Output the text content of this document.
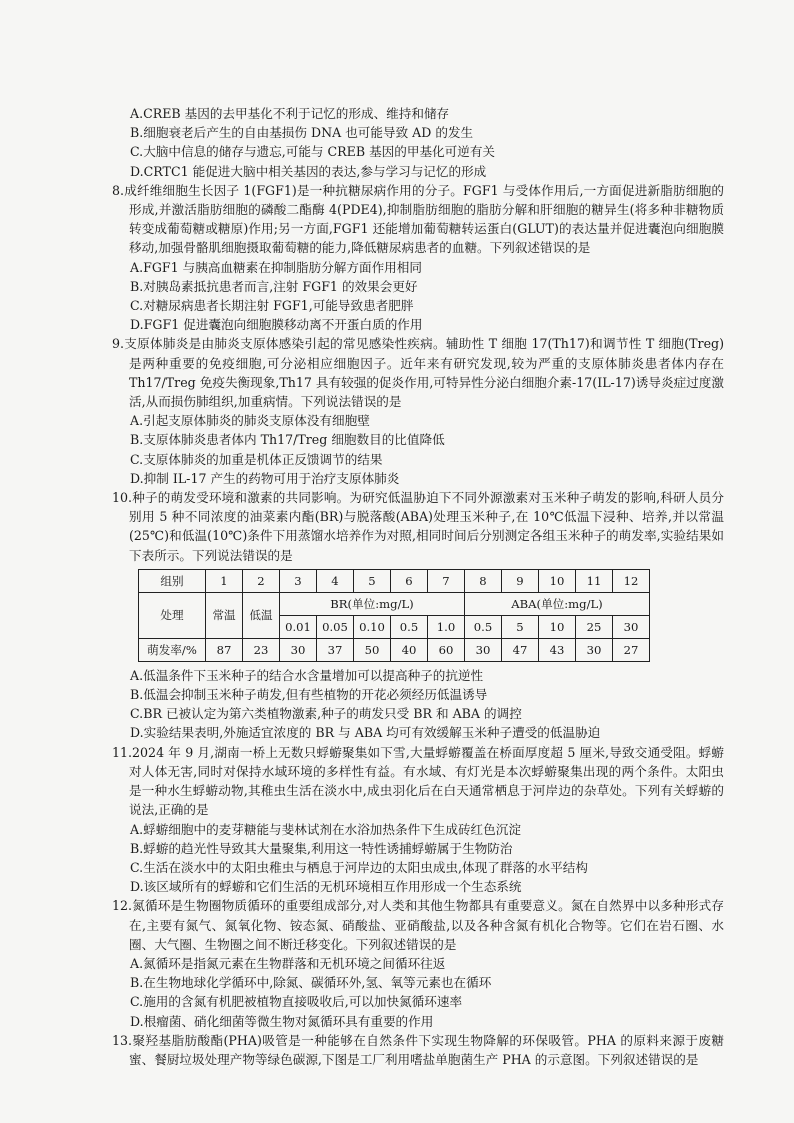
A.CREB 基因的去甲基化不利于记忆的形成、维持和储存

B.细胞衰老后产生的自由基损伤 DNA 也可能导致 AD 的发生

C.大脑中信息的储存与遗忘,可能与 CREB 基因的甲基化可逆有关

D.CRTC1 能促进大脑中相关基因的表达,参与学习与记忆的形成

8.成纤维细胞生长因子 1(FGF1)是一种抗糖尿病作用的分子。FGF1 与受体作用后,一方面促进新脂肪细胞的形成,并激活脂肪细胞的磷酸二酯酶 4(PDE4),抑制脂肪细胞的脂肪分解和肝细胞的糖异生(将多种非糖物质转变成葡萄糖或糖原)作用;另一方面,FGF1 还能增加葡萄糖转运蛋白(GLUT)的表达量并促进囊泡向细胞膜移动,加强骨骼肌细胞摄取葡萄糖的能力,降低糖尿病患者的血糖。下列叙述错误的是

A.FGF1 与胰高血糖素在抑制脂肪分解方面作用相同

B.对胰岛素抵抗患者而言,注射 FGF1 的效果会更好

C.对糖尿病患者长期注射 FGF1,可能导致患者肥胖

D.FGF1 促进囊泡向细胞膜移动离不开蛋白质的作用

9.支原体肺炎是由肺炎支原体感染引起的常见感染性疾病。辅助性 T 细胞 17(Th17)和调节性 T 细胞(Treg)是两种重要的免疫细胞,可分泌相应细胞因子。近年来有研究发现,较为严重的支原体肺炎患者体内存在 Th17/Treg 免疫失衡现象,Th17 具有较强的促炎作用,可特异性分泌白细胞介素-17(IL-17)诱导炎症过度激活,从而损伤肺组织,加重病情。下列说法错误的是

A.引起支原体肺炎的肺炎支原体没有细胞壁

B.支原体肺炎患者体内 Th17/Treg 细胞数目的比值降低

C.支原体肺炎的加重是机体正反馈调节的结果

D.抑制 IL-17 产生的药物可用于治疗支原体肺炎

10.种子的萌发受环境和激素的共同影响。为研究低温胁迫下不同外源激素对玉米种子萌发的影响,科研人员分别用 5 种不同浓度的油菜素内酯(BR)与脱落酸(ABA)处理玉米种子,在 10℃低温下浸种、培养,并以常温(25℃)和低温(10℃)条件下用蒸馏水培养作为对照,相同时间后分别测定各组玉米种子的萌发率,实验结果如下表所示。下列说法错误的是

组别	1	2	3	4	5	6	7	8	9	10	11	12
处理	常温	低温	BR(单位:mg/L)					ABA(单位:mg/L)				
			0.01	0.05	0.10	0.5	1.0	0.5	5	10	25	30
萌发率/%	87	23	30	37	50	40	60	30	47	43	30	27

A.低温条件下玉米种子的结合水含量增加可以提高种子的抗逆性

B.低温会抑制玉米种子萌发,但有些植物的开花必须经历低温诱导

C.BR 已被认定为第六类植物激素,种子的萌发只受 BR 和 ABA 的调控

D.实验结果表明,外施适宜浓度的 BR 与 ABA 均可有效缓解玉米种子遭受的低温胁迫

11.2024 年 9 月,湖南一桥上无数只蜉蝣聚集如下雪,大量蜉蝣覆盖在桥面厚度超 5 厘米,导致交通受阻。蜉蝣对人体无害,同时对保持水域环境的多样性有益。有水域、有灯光是本次蜉蝣聚集出现的两个条件。太阳虫是一种水生蜉蝣动物,其稚虫生活在淡水中,成虫羽化后在白天通常栖息于河岸边的杂草处。下列有关蜉蝣的说法,正确的是

A.蜉蝣细胞中的麦芽糖能与斐林试剂在水浴加热条件下生成砖红色沉淀

B.蜉蝣的趋光性导致其大量聚集,利用这一特性诱捕蜉蝣属于生物防治

C.生活在淡水中的太阳虫稚虫与栖息于河岸边的太阳虫成虫,体现了群落的水平结构

D.该区域所有的蜉蝣和它们生活的无机环境相互作用形成一个生态系统

12.氮循环是生物圈物质循环的重要组成部分,对人类和其他生物都具有重要意义。氮在自然界中以多种形式存在,主要有氮气、氮氧化物、铵态氮、硝酸盐、亚硝酸盐,以及各种含氮有机化合物等。它们在岩石圈、水圈、大气圈、生物圈之间不断迁移变化。下列叙述错误的是

A.氮循环是指氮元素在生物群落和无机环境之间循环往返

B.在生物地球化学循环中,除氮、碳循环外,氢、氧等元素也在循环

C.施用的含氮有机肥被植物直接吸收后,可以加快氮循环速率

D.根瘤菌、硝化细菌等微生物对氮循环具有重要的作用

13.聚羟基脂肪酸酯(PHA)吸管是一种能够在自然条件下实现生物降解的环保吸管。PHA 的原料来源于废糖蜜、餐厨垃圾处理产物等绿色碳源,下图是工厂利用嗜盐单胞菌生产 PHA 的示意图。下列叙述错误的是
